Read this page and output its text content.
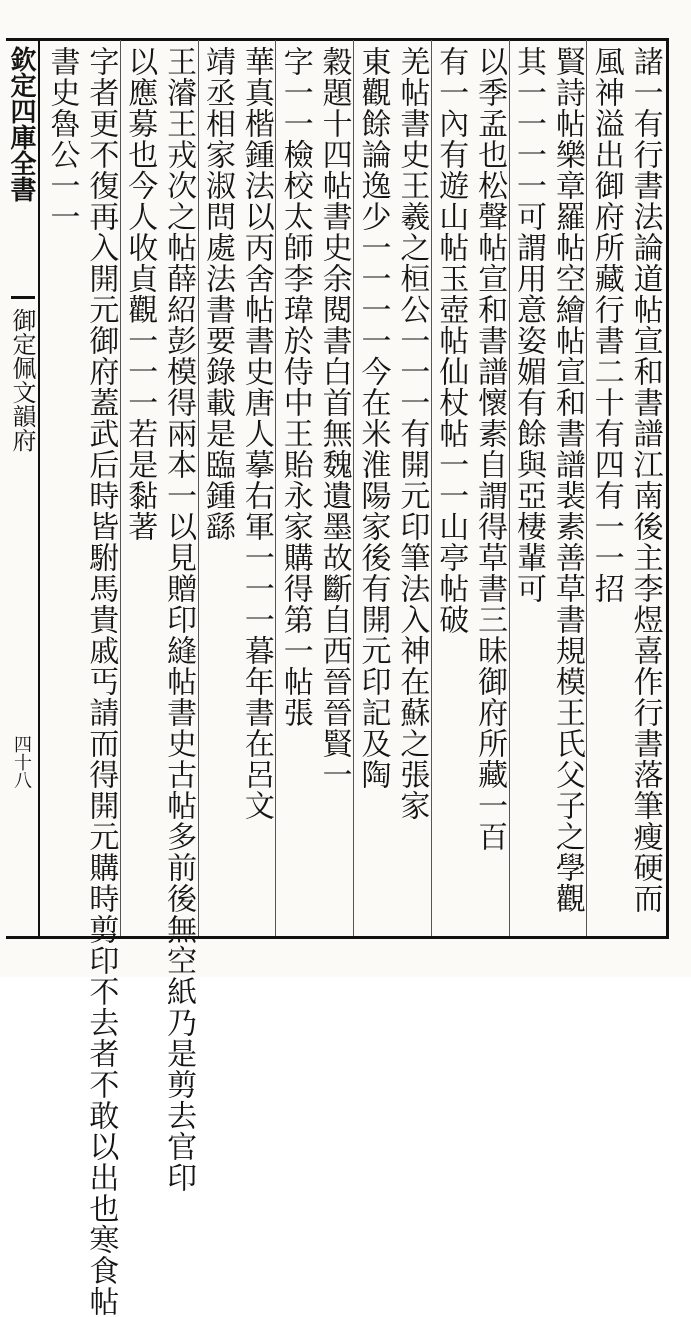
欽定四庫全書
御定佩文韻府
四十八	諸一有行書法論道帖宣和書譜江南後主李煜喜作行書落筆瘦硬而
風神溢出御府所藏行書二十有四有一一招
賢詩帖樂章羅帖空繪帖宣和書譜裴素善草書規模王氏父子之學觀
其一一一一可謂用意姿媚有餘與亞棲輩可
以季孟也松聲帖宣和書譜懷素自謂得草書三昧御府所藏一百
有一內有遊山帖玉壺帖仙杖帖一一山亭帖破
羌帖書史王羲之桓公一一一有開元印筆法入神在蘇之張家
東觀餘論逸少一一一一今在米淮陽家後有開元印記及陶
穀題十四帖書史余閱書白首無魏遺墨故斷自西晉晉賢一
字一一檢校太師李瑋於侍中王貽永家購得第一帖張
華真楷鍾法以丙舍帖書史唐人摹右軍一一一暮年書在呂文
靖丞相家淑問處法書要錄載是臨鍾繇
王濬王戎次之帖薛紹彭模得兩本一以見贈印縫帖書史古帖多前後無空紙乃是剪去官印
以應募也今人收貞觀一一一若是黏著
字者更不復再入開元御府蓋武后時皆駙馬貴戚丐請而得開元購時剪印不去者不敢以出也寒食帖
書史魯公一一
